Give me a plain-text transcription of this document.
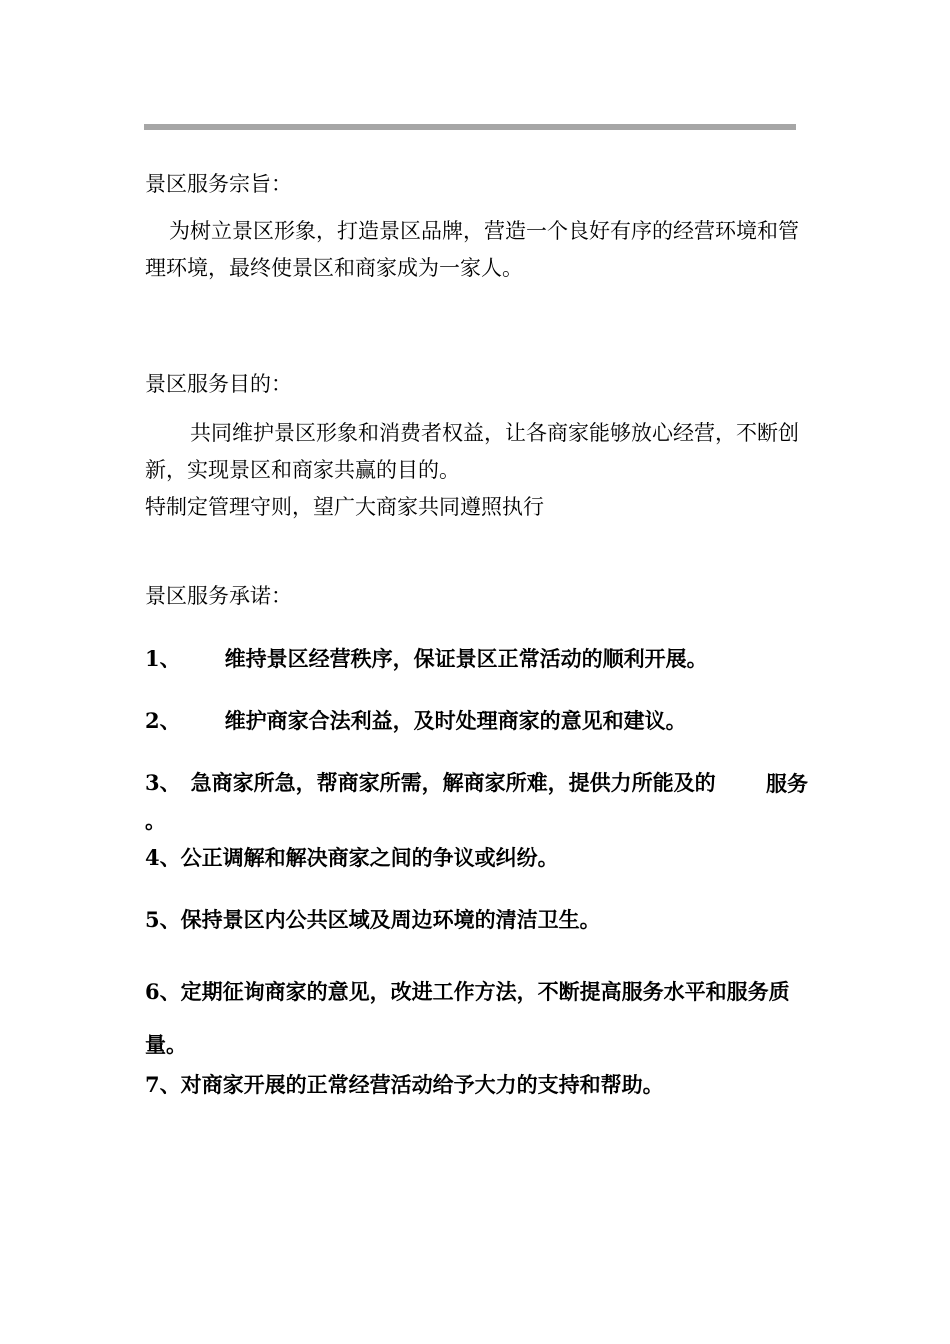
景区服务宗旨：

为树立景区形象，打造景区品牌，营造一个良好有序的经营环境和管理环境，最终使景区和商家成为一家人。

景区服务目的：

共同维护景区形象和消费者权益，让各商家能够放心经营，不断创新，实现景区和商家共赢的目的。

特制定管理守则，望广大商家共同遵照执行

景区服务承诺：

1、 维持景区经营秩序，保证景区正常活动的顺利开展。

2、 维护商家合法利益，及时处理商家的意见和建议。

3、 急商家所急，帮商家所需，解商家所难，提供力所能及的	服务

。

4、公正调解和解决商家之间的争议或纠纷。

5、保持景区内公共区域及周边环境的清洁卫生。

6、定期征询商家的意见，改进工作方法，不断提高服务水平和服务质量。

7、对商家开展的正常经营活动给予大力的支持和帮助。
